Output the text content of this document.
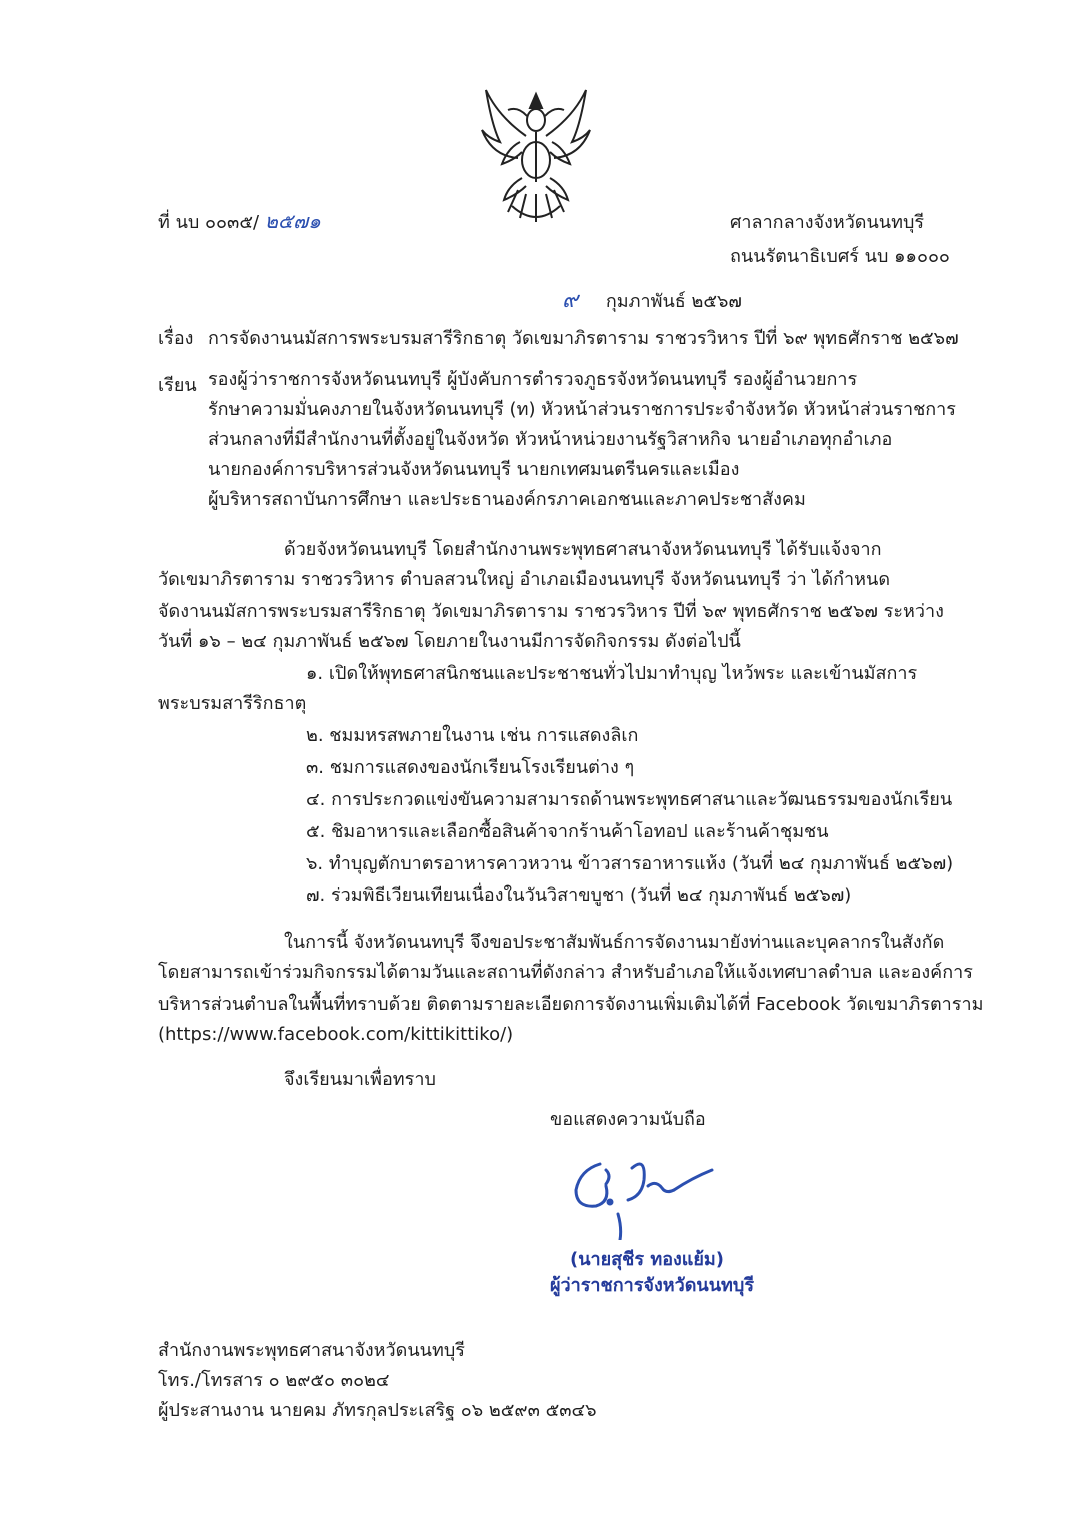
ที่ นบ ๐๐๓๕/ ๒๕๗๑	ศาลากลางจังหวัดนนทบุรี
ถนนรัตนาธิเบศร์ นบ ๑๑๐๐๐
๙ กุมภาพันธ์ ๒๕๖๗
เรื่อง การจัดงานนมัสการพระบรมสารีริกธาตุ วัดเขมาภิรตาราม ราชวรวิหาร ปีที่ ๖๙ พุทธศักราช ๒๕๖๗
เรียน รองผู้ว่าราชการจังหวัดนนทบุรี ผู้บังคับการตำรวจภูธรจังหวัดนนทบุรี รองผู้อำนวยการ
รักษาความมั่นคงภายในจังหวัดนนทบุรี (ท) หัวหน้าส่วนราชการประจำจังหวัด หัวหน้าส่วนราชการ
ส่วนกลางที่มีสำนักงานที่ตั้งอยู่ในจังหวัด หัวหน้าหน่วยงานรัฐวิสาหกิจ นายอำเภอทุกอำเภอ
นายกองค์การบริหารส่วนจังหวัดนนทบุรี นายกเทศมนตรีนครและเมือง
ผู้บริหารสถาบันการศึกษา และประธานองค์กรภาคเอกชนและภาคประชาสังคม
ด้วยจังหวัดนนทบุรี โดยสำนักงานพระพุทธศาสนาจังหวัดนนทบุรี ได้รับแจ้งจาก
วัดเขมาภิรตาราม ราชวรวิหาร ตำบลสวนใหญ่ อำเภอเมืองนนทบุรี จังหวัดนนทบุรี ว่า ได้กำหนด
จัดงานนมัสการพระบรมสารีริกธาตุ วัดเขมาภิรตาราม ราชวรวิหาร ปีที่ ๖๙ พุทธศักราช ๒๕๖๗ ระหว่าง
วันที่ ๑๖ – ๒๔ กุมภาพันธ์ ๒๕๖๗ โดยภายในงานมีการจัดกิจกรรม ดังต่อไปนี้
๑. เปิดให้พุทธศาสนิกชนและประชาชนทั่วไปมาทำบุญ ไหว้พระ และเข้านมัสการ
พระบรมสารีริกธาตุ
๒. ชมมหรสพภายในงาน เช่น การแสดงลิเก
๓. ชมการแสดงของนักเรียนโรงเรียนต่าง ๆ
๔. การประกวดแข่งขันความสามารถด้านพระพุทธศาสนาและวัฒนธรรมของนักเรียน
๕. ชิมอาหารและเลือกซื้อสินค้าจากร้านค้าโอทอป และร้านค้าชุมชน
๖. ทำบุญตักบาตรอาหารคาวหวาน ข้าวสารอาหารแห้ง (วันที่ ๒๔ กุมภาพันธ์ ๒๕๖๗)
๗. ร่วมพิธีเวียนเทียนเนื่องในวันวิสาขบูชา (วันที่ ๒๔ กุมภาพันธ์ ๒๕๖๗)
ในการนี้ จังหวัดนนทบุรี จึงขอประชาสัมพันธ์การจัดงานมายังท่านและบุคลากรในสังกัด
โดยสามารถเข้าร่วมกิจกรรมได้ตามวันและสถานที่ดังกล่าว สำหรับอำเภอให้แจ้งเทศบาลตำบล และองค์การ
บริหารส่วนตำบลในพื้นที่ทราบด้วย ติดตามรายละเอียดการจัดงานเพิ่มเติมได้ที่ Facebook วัดเขมาภิรตาราม
(https://www.facebook.com/kittikittiko/)
จึงเรียนมาเพื่อทราบ
ขอแสดงความนับถือ
(นายสุชีร ทองแย้ม)
ผู้ว่าราชการจังหวัดนนทบุรี
สำนักงานพระพุทธศาสนาจังหวัดนนทบุรี
โทร./โทรสาร ๐ ๒๙๕๐ ๓๐๒๔
ผู้ประสานงาน นายคม ภัทรกุลประเสริฐ ๐๖ ๒๕๙๓ ๕๓๔๖
